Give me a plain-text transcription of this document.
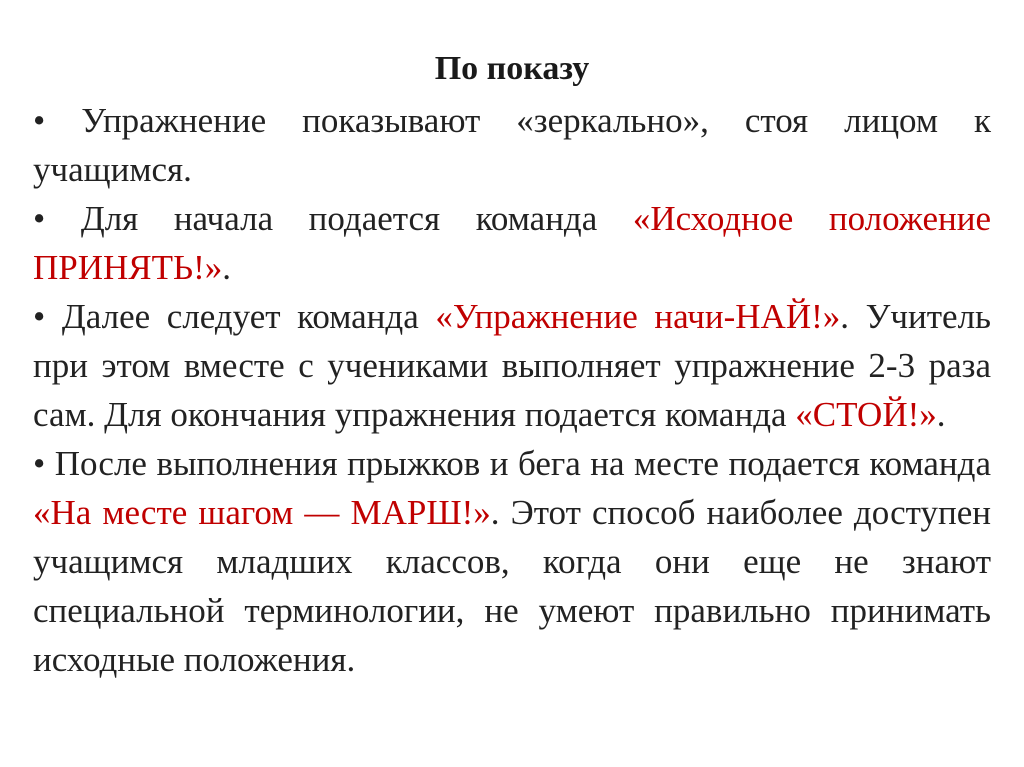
По показу

• Упражнение показывают «зеркально», стоя лицом к учащимся.

• Для начала подается команда «Исходное положение ПРИНЯТЬ!».

• Далее следует команда «Упражнение начи-НАЙ!». Учитель при этом вместе с учениками выполняет упражнение 2-3 раза сам. Для окончания упражнения подается команда «СТОЙ!».

• После выполнения прыжков и бега на месте подается команда «На месте шагом — МАРШ!». Этот способ наиболее доступен учащимся младших классов, когда они еще не знают специальной терминологии, не умеют правильно принимать исходные положения.
